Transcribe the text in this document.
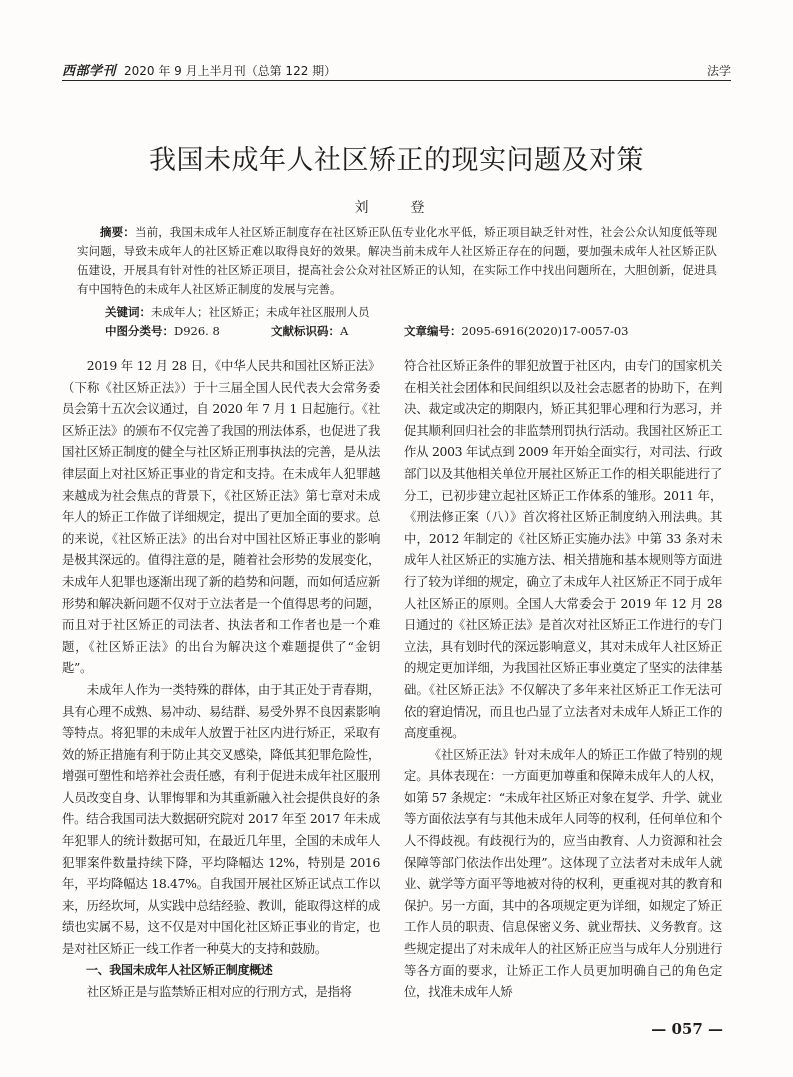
西部学刊 2020 年 9 月上半月刊（总第 122 期）	法学
我国未成年人社区矫正的现实问题及对策
刘　登
摘要：当前，我国未成年人社区矫正制度存在社区矫正队伍专业化水平低，矫正项目缺乏针对性，社会公众认知度低等现实问题，导致未成年人的社区矫正难以取得良好的效果。解决当前未成年人社区矫正存在的问题，要加强未成年人社区矫正队伍建设，开展具有针对性的社区矫正项目，提高社会公众对社区矫正的认知，在实际工作中找出问题所在，大胆创新，促进具有中国特色的未成年人社区矫正制度的发展与完善。
关键词：未成年人；社区矫正；未成年社区服刑人员
中图分类号：D926. 8	文献标识码：A	文章编号：2095-6916(2020)17-0057-03

2019 年 12 月 28 日，《中华人民共和国社区矫正法》（下称《社区矫正法》）于十三届全国人民代表大会常务委员会第十五次会议通过，自 2020 年 7 月 1 日起施行。《社区矫正法》的颁布不仅完善了我国的刑法体系，也促进了我国社区矫正制度的健全与社区矫正刑事执法的完善，是从法律层面上对社区矫正事业的肯定和支持。在未成年人犯罪越来越成为社会焦点的背景下，《社区矫正法》第七章对未成年人的矫正工作做了详细规定，提出了更加全面的要求。总的来说，《社区矫正法》的出台对中国社区矫正事业的影响是极其深远的。值得注意的是，随着社会形势的发展变化，未成年人犯罪也逐渐出现了新的趋势和问题，而如何适应新形势和解决新问题不仅对于立法者是一个值得思考的问题，而且对于社区矫正的司法者、执法者和工作者也是一个难题，《社区矫正法》的出台为解决这个难题提供了“金钥匙”。

未成年人作为一类特殊的群体，由于其正处于青春期，具有心理不成熟、易冲动、易结群、易受外界不良因素影响等特点。将犯罪的未成年人放置于社区内进行矫正，采取有效的矫正措施有利于防止其交叉感染，降低其犯罪危险性，增强可塑性和培养社会责任感，有利于促进未成年社区服刑人员改变自身、认罪悔罪和为其重新融入社会提供良好的条件。结合我国司法大数据研究院对 2017 年至 2017 年未成年犯罪人的统计数据可知，在最近几年里，全国的未成年人犯罪案件数量持续下降，平均降幅达 12%，特别是 2016 年，平均降幅达 18.47%。自我国开展社区矫正试点工作以来，历经坎坷，从实践中总结经验、教训，能取得这样的成绩也实属不易，这不仅是对中国化社区矫正事业的肯定，也是对社区矫正一线工作者一种莫大的支持和鼓励。

一、我国未成年人社区矫正制度概述

社区矫正是与监禁矫正相对应的行刑方式，是指将

符合社区矫正条件的罪犯放置于社区内，由专门的国家机关在相关社会团体和民间组织以及社会志愿者的协助下，在判决、裁定或决定的期限内，矫正其犯罪心理和行为恶习，并促其顺利回归社会的非监禁刑罚执行活动。我国社区矫正工作从 2003 年试点到 2009 年开始全面实行，对司法、行政部门以及其他相关单位开展社区矫正工作的相关职能进行了分工，已初步建立起社区矫正工作体系的雏形。2011 年，《刑法修正案（八）》首次将社区矫正制度纳入刑法典。其中，2012 年制定的《社区矫正实施办法》中第 33 条对未成年人社区矫正的实施方法、相关措施和基本规则等方面进行了较为详细的规定，确立了未成年人社区矫正不同于成年人社区矫正的原则。全国人大常委会于 2019 年 12 月 28 日通过的《社区矫正法》是首次对社区矫正工作进行的专门立法，具有划时代的深远影响意义，其对未成年人社区矫正的规定更加详细，为我国社区矫正事业奠定了坚实的法律基础。《社区矫正法》不仅解决了多年来社区矫正工作无法可依的窘迫情况，而且也凸显了立法者对未成年人矫正工作的高度重视。

《社区矫正法》针对未成年人的矫正工作做了特别的规定。具体表现在：一方面更加尊重和保障未成年人的人权，如第 57 条规定：“未成年社区矫正对象在复学、升学、就业等方面依法享有与其他未成年人同等的权利，任何单位和个人不得歧视。有歧视行为的，应当由教育、人力资源和社会保障等部门依法作出处理”。这体现了立法者对未成年人就业、就学等方面平等地被对待的权利，更重视对其的教育和保护。另一方面，其中的各项规定更为详细，如规定了矫正工作人员的职责、信息保密义务、就业帮扶、义务教育。这些规定提出了对未成年人的社区矫正应当与成年人分别进行等各方面的要求，让矫正工作人员更加明确自己的角色定位，找准未成年人矫

— 057 —
